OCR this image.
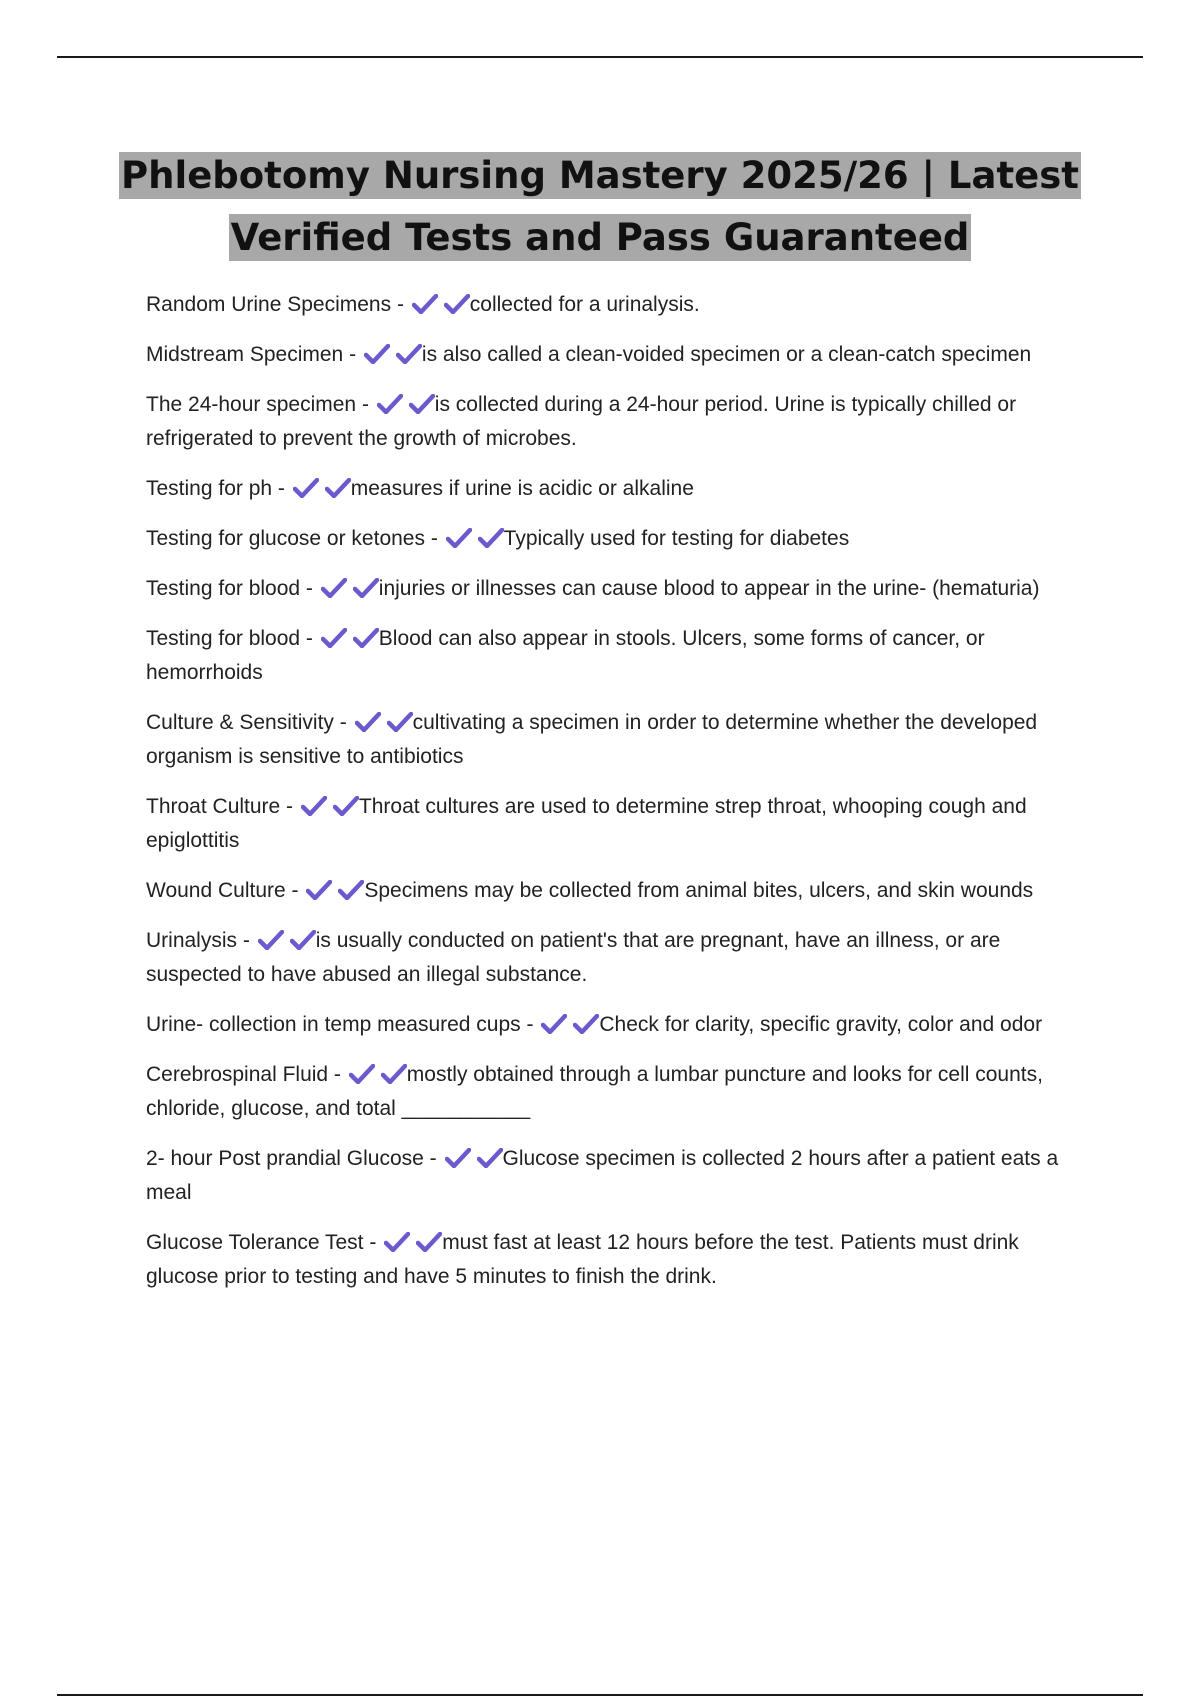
Phlebotomy Nursing Mastery 2025/26 | Latest
Verified Tests and Pass Guaranteed
Random Urine Specimens -	collected for a urinalysis.
Midstream Specimen -	is also called a clean-voided specimen or a clean-catch specimen
The 24-hour specimen -	is collected during a 24-hour period. Urine is typically chilled or refrigerated to prevent the growth of microbes.
Testing for ph -	measures if urine is acidic or alkaline
Testing for glucose or ketones -	Typically used for testing for diabetes
Testing for blood -	injuries or illnesses can cause blood to appear in the urine- (hematuria)
Testing for blood -	Blood can also appear in stools. Ulcers, some forms of cancer, or hemorrhoids
Culture & Sensitivity -	cultivating a specimen in order to determine whether the developed organism is sensitive to antibiotics
Throat Culture -	Throat cultures are used to determine strep throat, whooping cough and epiglottitis
Wound Culture -	Specimens may be collected from animal bites, ulcers, and skin wounds
Urinalysis -	is usually conducted on patient's that are pregnant, have an illness, or are suspected to have abused an illegal substance.
Urine- collection in temp measured cups -	Check for clarity, specific gravity, color and odor
Cerebrospinal Fluid -	mostly obtained through a lumbar puncture and looks for cell counts, chloride, glucose, and total ___________
2- hour Post prandial Glucose -	Glucose specimen is collected 2 hours after a patient eats a meal
Glucose Tolerance Test -	must fast at least 12 hours before the test. Patients must drink glucose prior to testing and have 5 minutes to finish the drink.
